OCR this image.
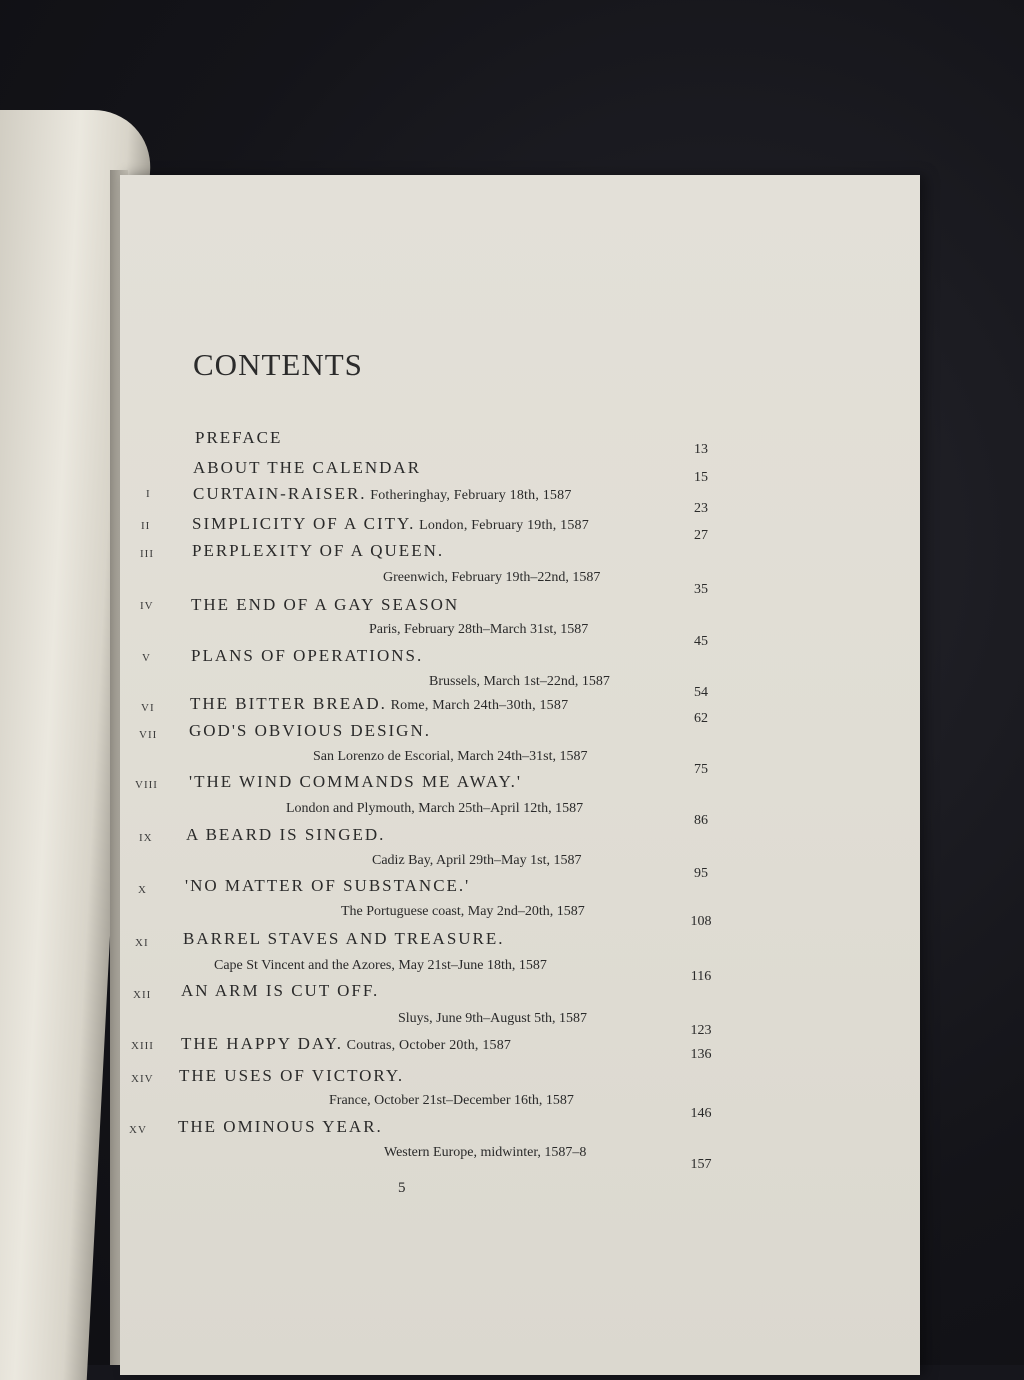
CONTENTS
PREFACE
13
ABOUT THE CALENDAR
15
I CURTAIN-RAISER. Fotheringhay, February 18th, 1587
23
II SIMPLICITY OF A CITY. London, February 19th, 1587
27
III PERPLEXITY OF A QUEEN.
Greenwich, February 19th–22nd, 1587
35
IV THE END OF A GAY SEASON
Paris, February 28th–March 31st, 1587
45
V PLANS OF OPERATIONS.
Brussels, March 1st–22nd, 1587
54
VI THE BITTER BREAD. Rome, March 24th–30th, 1587
62
VII GOD'S OBVIOUS DESIGN.
San Lorenzo de Escorial, March 24th–31st, 1587
75
VIII 'THE WIND COMMANDS ME AWAY.'
London and Plymouth, March 25th–April 12th, 1587
86
IX A BEARD IS SINGED.
Cadiz Bay, April 29th–May 1st, 1587
95
X 'NO MATTER OF SUBSTANCE.'
The Portuguese coast, May 2nd–20th, 1587
108
XI BARREL STAVES AND TREASURE.
Cape St Vincent and the Azores, May 21st–June 18th, 1587
116
XII AN ARM IS CUT OFF.
Sluys, June 9th–August 5th, 1587
123
XIII THE HAPPY DAY. Coutras, October 20th, 1587
136
XIV THE USES OF VICTORY.
France, October 21st–December 16th, 1587
146
XV THE OMINOUS YEAR.
Western Europe, midwinter, 1587–8
157
5
